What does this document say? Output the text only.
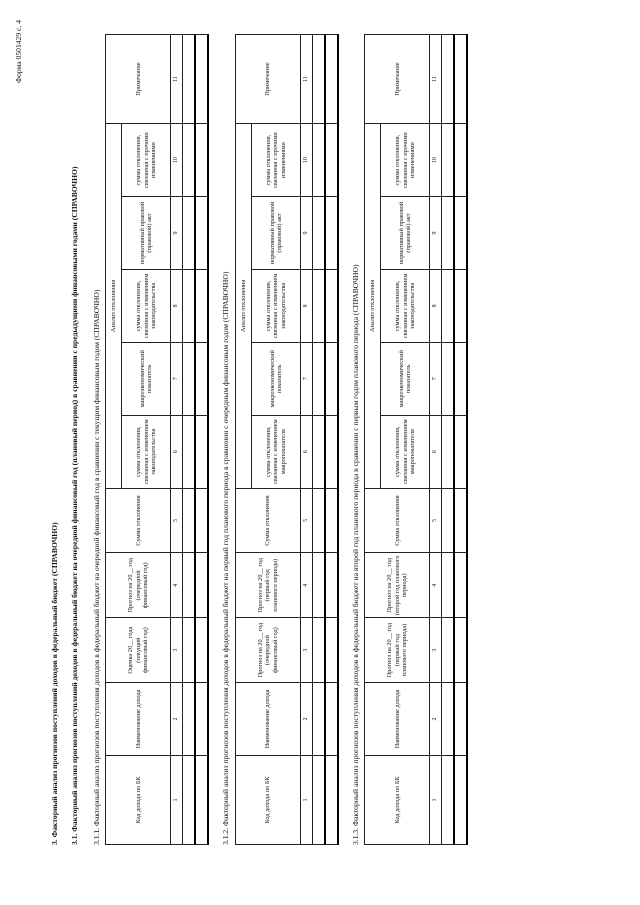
Форма 0501429 с. 4
3. Факторный анализ прогнозов поступлений доходов в федеральный бюджет (СПРАВОЧНО) 3.1. Факторный анализ прогнозов поступлений доходов в федеральный бюджет на очередной финансовый год (плановый период) в сравнении с предыдущими финансовыми годами (СПРАВОЧНО) 3.1.1. Факторный анализ прогнозов поступления доходов в федеральный бюджет на очередной финансовый год в сравнении с текущим финансовым годом (СПРАВОЧНО)	Код дохода по БК	Наименование дохода	Оценка 20__ года (текущий финансовый год)	Прогноз на 20__ год (очередной финансовый год)	Сумма отклонения	Анализ отклонения					Примечание
					сумма отклонения, связанная с изменением законодательства	макроэкономический показатель	сумма отклонения, связанная с изменением законодательства	нормативный правовой (правовой) акт	сумма отклонения, связанная с прочими изменениями	
1	2	3	4	5	6	7	8	9	10	11

3.1.2. Факторный анализ прогнозов поступления доходов в федеральный бюджет на первый год планового периода в сравнении с очередным финансовым годом (СПРАВОЧНО)	Код дохода по БК	Наименование дохода	Прогноз на 20__ год (очередной финансовый год)	Прогноз на 20__ год (первый год планового периода)	Сумма отклонения	Анализ отклонения					Примечание
					сумма отклонения, связанная с изменением макропоказателя	макроэкономический показатель	сумма отклонения, связанная с изменением законодательства	нормативный правовой (правовой) акт	сумма отклонения, связанная с прочими изменениями	
1	2	3	4	5	6	7	8	9	10	11

3.1.3. Факторный анализ прогнозов поступления доходов в федеральный бюджет на второй год планового периода в сравнении с первым годом планового периода (СПРАВОЧНО)	Код дохода по БК	Наименование дохода	Прогноз на 20__ год (первый год планового периода)	Прогноз на 20__ год (второй год планового периода)	Сумма отклонения	Анализ отклонения					Примечание
					сумма отклонения, связанная с изменением макропоказателя	макроэкономический показатель	сумма отклонения, связанная с изменением законодательства	нормативный правовой (правовой) акт	сумма отклонения, связанная с прочими изменениями	
1	2	3	4	5	6	7	8	9	10	11
